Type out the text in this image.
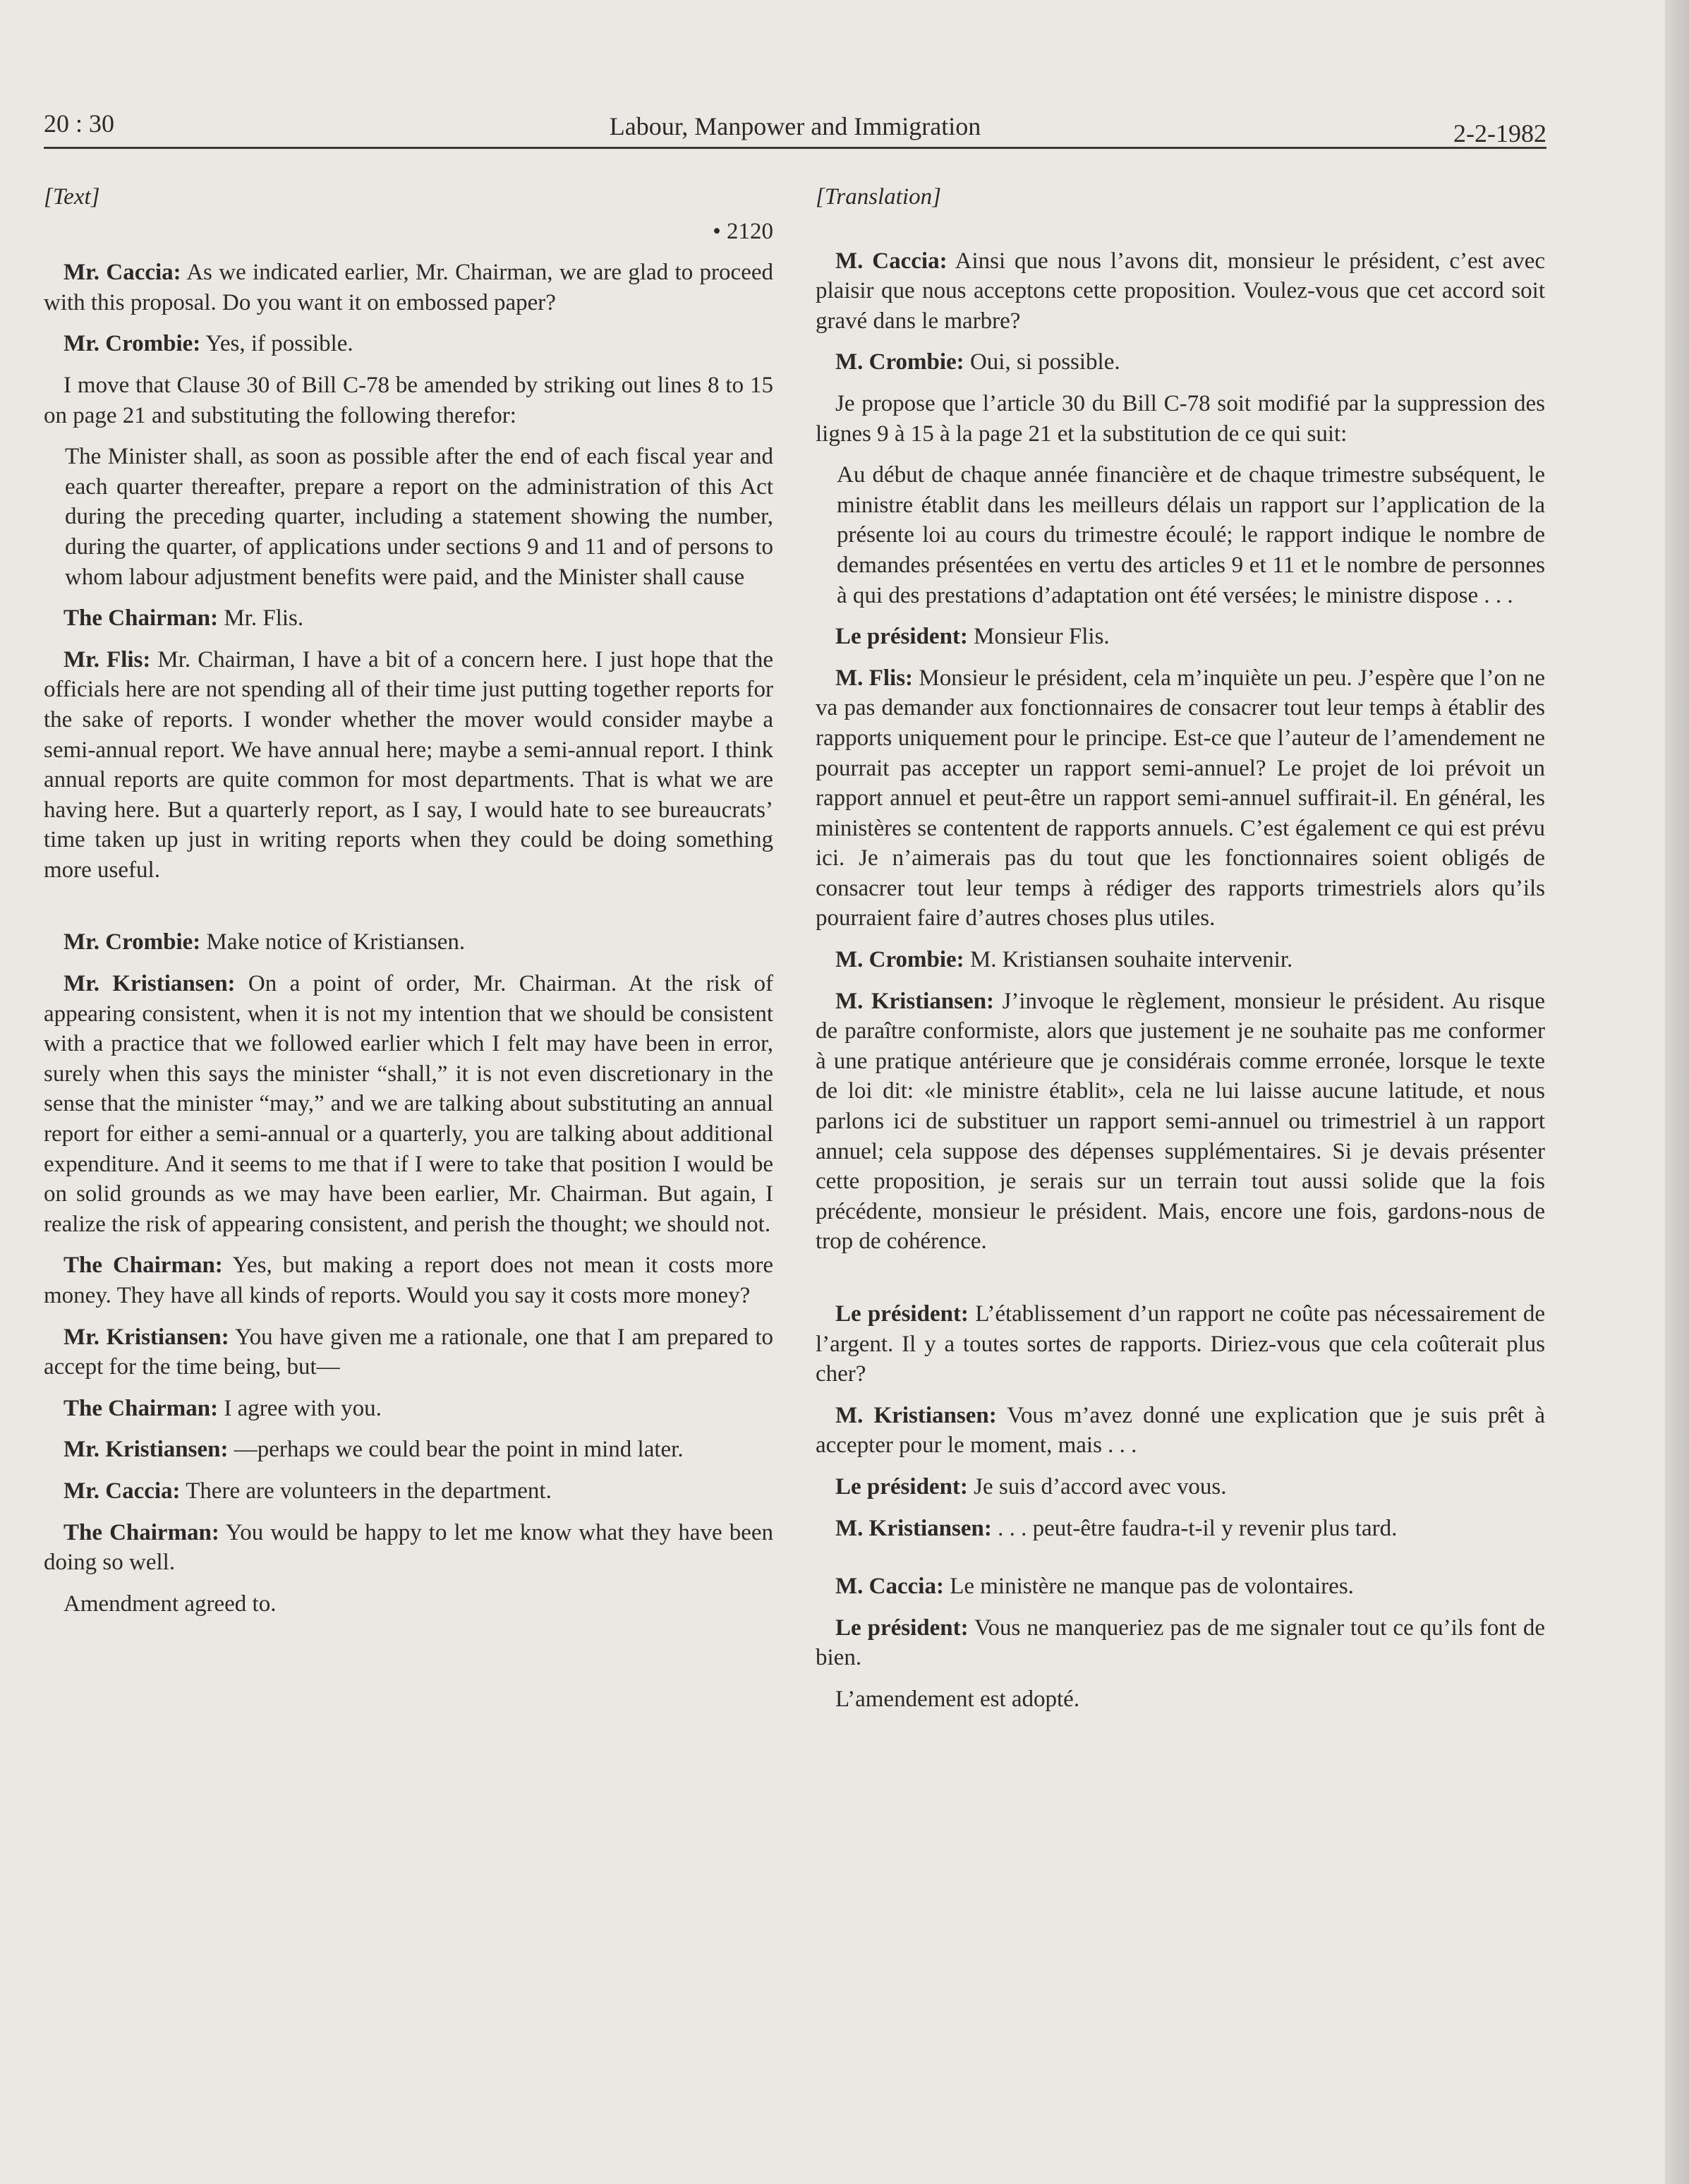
20 : 30	Labour, Manpower and Immigration	2-2-1982

[Text]

• 2120

Mr. Caccia: As we indicated earlier, Mr. Chairman, we are glad to proceed with this proposal. Do you want it on embossed paper?

Mr. Crombie: Yes, if possible.

I move that Clause 30 of Bill C-78 be amended by striking out lines 8 to 15 on page 21 and substituting the following therefor:

The Minister shall, as soon as possible after the end of each fiscal year and each quarter thereafter, prepare a report on the administration of this Act during the preceding quarter, including a statement showing the number, during the quarter, of applications under sections 9 and 11 and of persons to whom labour adjustment benefits were paid, and the Minister shall cause

The Chairman: Mr. Flis.

Mr. Flis: Mr. Chairman, I have a bit of a concern here. I just hope that the officials here are not spending all of their time just putting together reports for the sake of reports. I wonder whether the mover would consider maybe a semi-annual report. We have annual here; maybe a semi-annual report. I think annual reports are quite common for most departments. That is what we are having here. But a quarterly report, as I say, I would hate to see bureaucrats’ time taken up just in writing reports when they could be doing something more useful.

Mr. Crombie: Make notice of Kristiansen.

Mr. Kristiansen: On a point of order, Mr. Chairman. At the risk of appearing consistent, when it is not my intention that we should be consistent with a practice that we followed earlier which I felt may have been in error, surely when this says the minister “shall,” it is not even discretionary in the sense that the minister “may,” and we are talking about substituting an annual report for either a semi-annual or a quarterly, you are talking about additional expenditure. And it seems to me that if I were to take that position I would be on solid grounds as we may have been earlier, Mr. Chairman. But again, I realize the risk of appearing consistent, and perish the thought; we should not.

The Chairman: Yes, but making a report does not mean it costs more money. They have all kinds of reports. Would you say it costs more money?

Mr. Kristiansen: You have given me a rationale, one that I am prepared to accept for the time being, but—

The Chairman: I agree with you.

Mr. Kristiansen: —perhaps we could bear the point in mind later.

Mr. Caccia: There are volunteers in the department.

The Chairman: You would be happy to let me know what they have been doing so well.

Amendment agreed to.

[Translation]

M. Caccia: Ainsi que nous l’avons dit, monsieur le président, c’est avec plaisir que nous acceptons cette proposition. Voulez-vous que cet accord soit gravé dans le marbre?

M. Crombie: Oui, si possible.

Je propose que l’article 30 du Bill C-78 soit modifié par la suppression des lignes 9 à 15 à la page 21 et la substitution de ce qui suit:

Au début de chaque année financière et de chaque trimestre subséquent, le ministre établit dans les meilleurs délais un rapport sur l’application de la présente loi au cours du trimestre écoulé; le rapport indique le nombre de demandes présentées en vertu des articles 9 et 11 et le nombre de personnes à qui des prestations d’adaptation ont été versées; le ministre dispose . . .

Le président: Monsieur Flis.

M. Flis: Monsieur le président, cela m’inquiète un peu. J’espère que l’on ne va pas demander aux fonctionnaires de consacrer tout leur temps à établir des rapports uniquement pour le principe. Est-ce que l’auteur de l’amendement ne pourrait pas accepter un rapport semi-annuel? Le projet de loi prévoit un rapport annuel et peut-être un rapport semi-annuel suffirait-il. En général, les ministères se contentent de rapports annuels. C’est également ce qui est prévu ici. Je n’aimerais pas du tout que les fonctionnaires soient obligés de consacrer tout leur temps à rédiger des rapports trimestriels alors qu’ils pourraient faire d’autres choses plus utiles.

M. Crombie: M. Kristiansen souhaite intervenir.

M. Kristiansen: J’invoque le règlement, monsieur le président. Au risque de paraître conformiste, alors que justement je ne souhaite pas me conformer à une pratique antérieure que je considérais comme erronée, lorsque le texte de loi dit: «le ministre établit», cela ne lui laisse aucune latitude, et nous parlons ici de substituer un rapport semi-annuel ou trimestriel à un rapport annuel; cela suppose des dépenses supplémentaires. Si je devais présenter cette proposition, je serais sur un terrain tout aussi solide que la fois précédente, monsieur le président. Mais, encore une fois, gardons-nous de trop de cohérence.

Le président: L’établissement d’un rapport ne coûte pas nécessairement de l’argent. Il y a toutes sortes de rapports. Diriez-vous que cela coûterait plus cher?

M. Kristiansen: Vous m’avez donné une explication que je suis prêt à accepter pour le moment, mais . . .

Le président: Je suis d’accord avec vous.

M. Kristiansen: . . . peut-être faudra-t-il y revenir plus tard.

M. Caccia: Le ministère ne manque pas de volontaires.

Le président: Vous ne manqueriez pas de me signaler tout ce qu’ils font de bien.

L’amendement est adopté.
